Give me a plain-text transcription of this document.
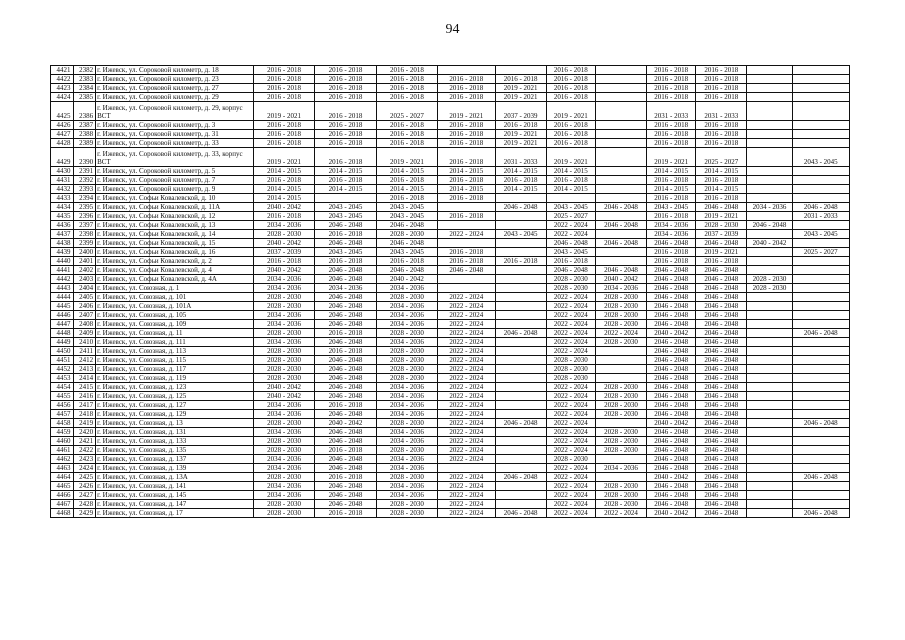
94
4421	2382	г. Ижевск, ул. Сороковой километр, д. 18	2016 - 2018	2016 - 2018	2016 - 2018			2016 - 2018		2016 - 2018	2016 - 2018		
4422	2383	г. Ижевск, ул. Сороковой километр, д. 23	2016 - 2018	2016 - 2018	2016 - 2018	2016 - 2018	2016 - 2018	2016 - 2018		2016 - 2018	2016 - 2018		
4423	2384	г. Ижевск, ул. Сороковой километр, д. 27	2016 - 2018	2016 - 2018	2016 - 2018	2016 - 2018	2019 - 2021	2016 - 2018		2016 - 2018	2016 - 2018		
4424	2385	г. Ижевск, ул. Сороковой километр, д. 29	2016 - 2018	2016 - 2018	2016 - 2018	2016 - 2018	2019 - 2021	2016 - 2018		2016 - 2018	2016 - 2018		
4425	2386	г. Ижевск, ул. Сороковой километр, д. 29, корпус ВСТ	2019 - 2021	2016 - 2018	2025 - 2027	2019 - 2021	2037 - 2039	2019 - 2021		2031 - 2033	2031 - 2033		
4426	2387	г. Ижевск, ул. Сороковой километр, д. 3	2016 - 2018	2016 - 2018	2016 - 2018	2016 - 2018	2016 - 2018	2016 - 2018		2016 - 2018	2016 - 2018		
4427	2388	г. Ижевск, ул. Сороковой километр, д. 31	2016 - 2018	2016 - 2018	2016 - 2018	2016 - 2018	2019 - 2021	2016 - 2018		2016 - 2018	2016 - 2018		
4428	2389	г. Ижевск, ул. Сороковой километр, д. 33	2016 - 2018	2016 - 2018	2016 - 2018	2016 - 2018	2019 - 2021	2016 - 2018		2016 - 2018	2016 - 2018		
4429	2390	г. Ижевск, ул. Сороковой километр, д. 33, корпус ВСТ	2019 - 2021	2016 - 2018	2019 - 2021	2016 - 2018	2031 - 2033	2019 - 2021		2019 - 2021	2025 - 2027		2043 - 2045
4430	2391	г. Ижевск, ул. Сороковой километр, д. 5	2014 - 2015	2014 - 2015	2014 - 2015	2014 - 2015	2014 - 2015	2014 - 2015		2014 - 2015	2014 - 2015		
4431	2392	г. Ижевск, ул. Сороковой километр, д. 7	2016 - 2018	2016 - 2018	2016 - 2018	2016 - 2018	2016 - 2018	2016 - 2018		2016 - 2018	2016 - 2018		
4432	2393	г. Ижевск, ул. Сороковой километр, д. 9	2014 - 2015	2014 - 2015	2014 - 2015	2014 - 2015	2014 - 2015	2014 - 2015		2014 - 2015	2014 - 2015		
4433	2394	г. Ижевск, ул. Софьи Ковалевской, д. 10	2014 - 2015		2016 - 2018	2016 - 2018				2016 - 2018	2016 - 2018		
4434	2395	г. Ижевск, ул. Софьи Ковалевской, д. 11А	2040 - 2042	2043 - 2045	2043 - 2045		2046 - 2048	2043 - 2045	2046 - 2048	2043 - 2045	2046 - 2048	2034 - 2036	2046 - 2048
4435	2396	г. Ижевск, ул. Софьи Ковалевской, д. 12	2016 - 2018	2043 - 2045	2043 - 2045	2016 - 2018		2025 - 2027		2016 - 2018	2019 - 2021		2031 - 2033
4436	2397	г. Ижевск, ул. Софьи Ковалевской, д. 13	2034 - 2036	2046 - 2048	2046 - 2048			2022 - 2024	2046 - 2048	2034 - 2036	2028 - 2030	2046 - 2048	
4437	2398	г. Ижевск, ул. Софьи Ковалевской, д. 14	2028 - 2030	2016 - 2018	2028 - 2030	2022 - 2024	2043 - 2045	2022 - 2024		2034 - 2036	2037 - 2039		2043 - 2045
4438	2399	г. Ижевск, ул. Софьи Ковалевской, д. 15	2040 - 2042	2046 - 2048	2046 - 2048			2046 - 2048	2046 - 2048	2046 - 2048	2046 - 2048	2040 - 2042	
4439	2400	г. Ижевск, ул. Софьи Ковалевской, д. 16	2037 - 2039	2043 - 2045	2043 - 2045	2016 - 2018		2043 - 2045		2016 - 2018	2019 - 2021		2025 - 2027
4440	2401	г. Ижевск, ул. Софьи Ковалевской, д. 2	2016 - 2018	2016 - 2018	2016 - 2018	2016 - 2018	2016 - 2018	2016 - 2018		2016 - 2018	2016 - 2018		
4441	2402	г. Ижевск, ул. Софьи Ковалевской, д. 4	2040 - 2042	2046 - 2048	2046 - 2048	2046 - 2048		2046 - 2048	2046 - 2048	2046 - 2048	2046 - 2048		
4442	2403	г. Ижевск, ул. Софьи Ковалевской, д. 4А	2034 - 2036	2046 - 2048	2040 - 2042			2028 - 2030	2040 - 2042	2046 - 2048	2046 - 2048	2028 - 2030	
4443	2404	г. Ижевск, ул. Союзная, д. 1	2034 - 2036	2034 - 2036	2034 - 2036			2028 - 2030	2034 - 2036	2046 - 2048	2046 - 2048	2028 - 2030	
4444	2405	г. Ижевск, ул. Союзная, д. 101	2028 - 2030	2046 - 2048	2028 - 2030	2022 - 2024		2022 - 2024	2028 - 2030	2046 - 2048	2046 - 2048		
4445	2406	г. Ижевск, ул. Союзная, д. 101А	2028 - 2030	2046 - 2048	2034 - 2036	2022 - 2024		2022 - 2024	2028 - 2030	2046 - 2048	2046 - 2048		
4446	2407	г. Ижевск, ул. Союзная, д. 105	2034 - 2036	2046 - 2048	2034 - 2036	2022 - 2024		2022 - 2024	2028 - 2030	2046 - 2048	2046 - 2048		
4447	2408	г. Ижевск, ул. Союзная, д. 109	2034 - 2036	2046 - 2048	2034 - 2036	2022 - 2024		2022 - 2024	2028 - 2030	2046 - 2048	2046 - 2048		
4448	2409	г. Ижевск, ул. Союзная, д. 11	2028 - 2030	2016 - 2018	2028 - 2030	2022 - 2024	2046 - 2048	2022 - 2024	2022 - 2024	2040 - 2042	2046 - 2048		2046 - 2048
4449	2410	г. Ижевск, ул. Союзная, д. 111	2034 - 2036	2046 - 2048	2034 - 2036	2022 - 2024		2022 - 2024	2028 - 2030	2046 - 2048	2046 - 2048		
4450	2411	г. Ижевск, ул. Союзная, д. 113	2028 - 2030	2016 - 2018	2028 - 2030	2022 - 2024		2022 - 2024		2046 - 2048	2046 - 2048		
4451	2412	г. Ижевск, ул. Союзная, д. 115	2028 - 2030	2046 - 2048	2028 - 2030	2022 - 2024		2028 - 2030		2046 - 2048	2046 - 2048		
4452	2413	г. Ижевск, ул. Союзная, д. 117	2028 - 2030	2046 - 2048	2028 - 2030	2022 - 2024		2028 - 2030		2046 - 2048	2046 - 2048		
4453	2414	г. Ижевск, ул. Союзная, д. 119	2028 - 2030	2046 - 2048	2028 - 2030	2022 - 2024		2028 - 2030		2046 - 2048	2046 - 2048		
4454	2415	г. Ижевск, ул. Союзная, д. 123	2040 - 2042	2046 - 2048	2034 - 2036	2022 - 2024		2022 - 2024	2028 - 2030	2046 - 2048	2046 - 2048		
4455	2416	г. Ижевск, ул. Союзная, д. 125	2040 - 2042	2046 - 2048	2034 - 2036	2022 - 2024		2022 - 2024	2028 - 2030	2046 - 2048	2046 - 2048		
4456	2417	г. Ижевск, ул. Союзная, д. 127	2034 - 2036	2016 - 2018	2034 - 2036	2022 - 2024		2022 - 2024	2028 - 2030	2046 - 2048	2046 - 2048		
4457	2418	г. Ижевск, ул. Союзная, д. 129	2034 - 2036	2046 - 2048	2034 - 2036	2022 - 2024		2022 - 2024	2028 - 2030	2046 - 2048	2046 - 2048		
4458	2419	г. Ижевск, ул. Союзная, д. 13	2028 - 2030	2040 - 2042	2028 - 2030	2022 - 2024	2046 - 2048	2022 - 2024		2040 - 2042	2046 - 2048		2046 - 2048
4459	2420	г. Ижевск, ул. Союзная, д. 131	2034 - 2036	2046 - 2048	2034 - 2036	2022 - 2024		2022 - 2024	2028 - 2030	2046 - 2048	2046 - 2048		
4460	2421	г. Ижевск, ул. Союзная, д. 133	2028 - 2030	2046 - 2048	2034 - 2036	2022 - 2024		2022 - 2024	2028 - 2030	2046 - 2048	2046 - 2048		
4461	2422	г. Ижевск, ул. Союзная, д. 135	2028 - 2030	2016 - 2018	2028 - 2030	2022 - 2024		2022 - 2024	2028 - 2030	2046 - 2048	2046 - 2048		
4462	2423	г. Ижевск, ул. Союзная, д. 137	2034 - 2036	2046 - 2048	2034 - 2036	2022 - 2024		2028 - 2030		2046 - 2048	2046 - 2048		
4463	2424	г. Ижевск, ул. Союзная, д. 139	2034 - 2036	2046 - 2048	2034 - 2036			2022 - 2024	2034 - 2036	2046 - 2048	2046 - 2048		
4464	2425	г. Ижевск, ул. Союзная, д. 13А	2028 - 2030	2016 - 2018	2028 - 2030	2022 - 2024	2046 - 2048	2022 - 2024		2040 - 2042	2046 - 2048		2046 - 2048
4465	2426	г. Ижевск, ул. Союзная, д. 141	2034 - 2036	2046 - 2048	2034 - 2036	2022 - 2024		2022 - 2024	2028 - 2030	2046 - 2048	2046 - 2048		
4466	2427	г. Ижевск, ул. Союзная, д. 145	2034 - 2036	2046 - 2048	2034 - 2036	2022 - 2024		2022 - 2024	2028 - 2030	2046 - 2048	2046 - 2048		
4467	2428	г. Ижевск, ул. Союзная, д. 147	2028 - 2030	2046 - 2048	2028 - 2030	2022 - 2024		2022 - 2024	2028 - 2030	2046 - 2048	2046 - 2048		
4468	2429	г. Ижевск, ул. Союзная, д. 17	2028 - 2030	2016 - 2018	2028 - 2030	2022 - 2024	2046 - 2048	2022 - 2024	2022 - 2024	2040 - 2042	2046 - 2048		2046 - 2048
